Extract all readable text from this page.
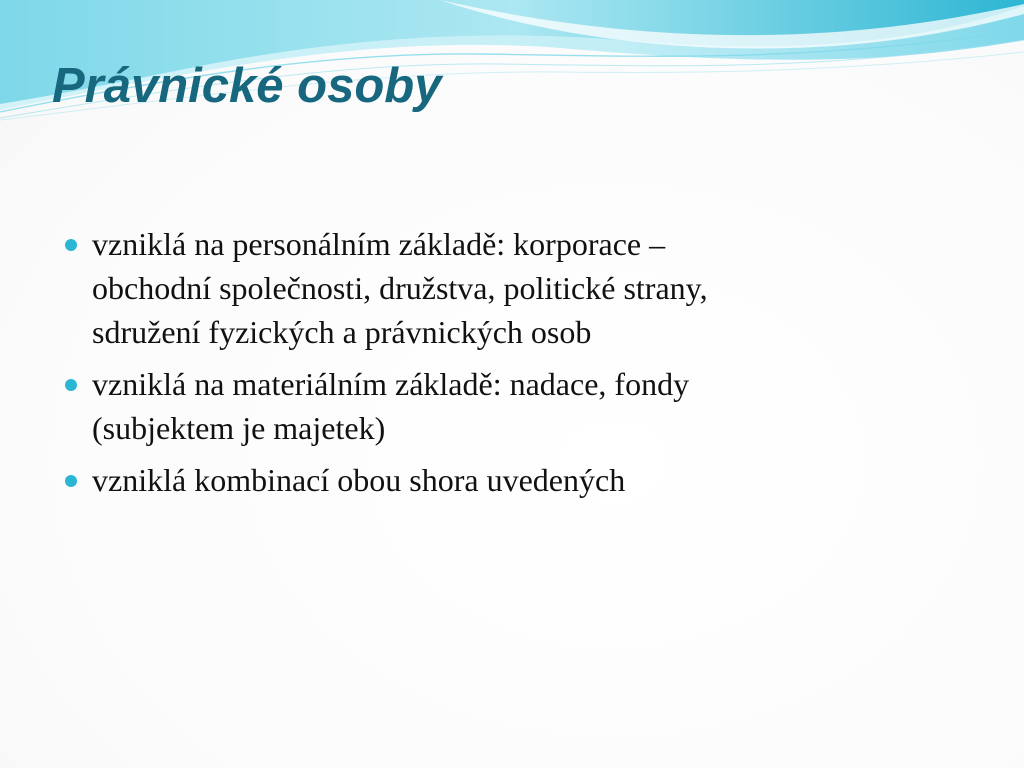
Právnické osoby
vzniklá na personálním základě: korporace –
obchodní společnosti, družstva, politické strany,
sdružení fyzických a právnických osob
vzniklá na materiálním základě: nadace, fondy
(subjektem je majetek)
vzniklá kombinací obou shora uvedených
